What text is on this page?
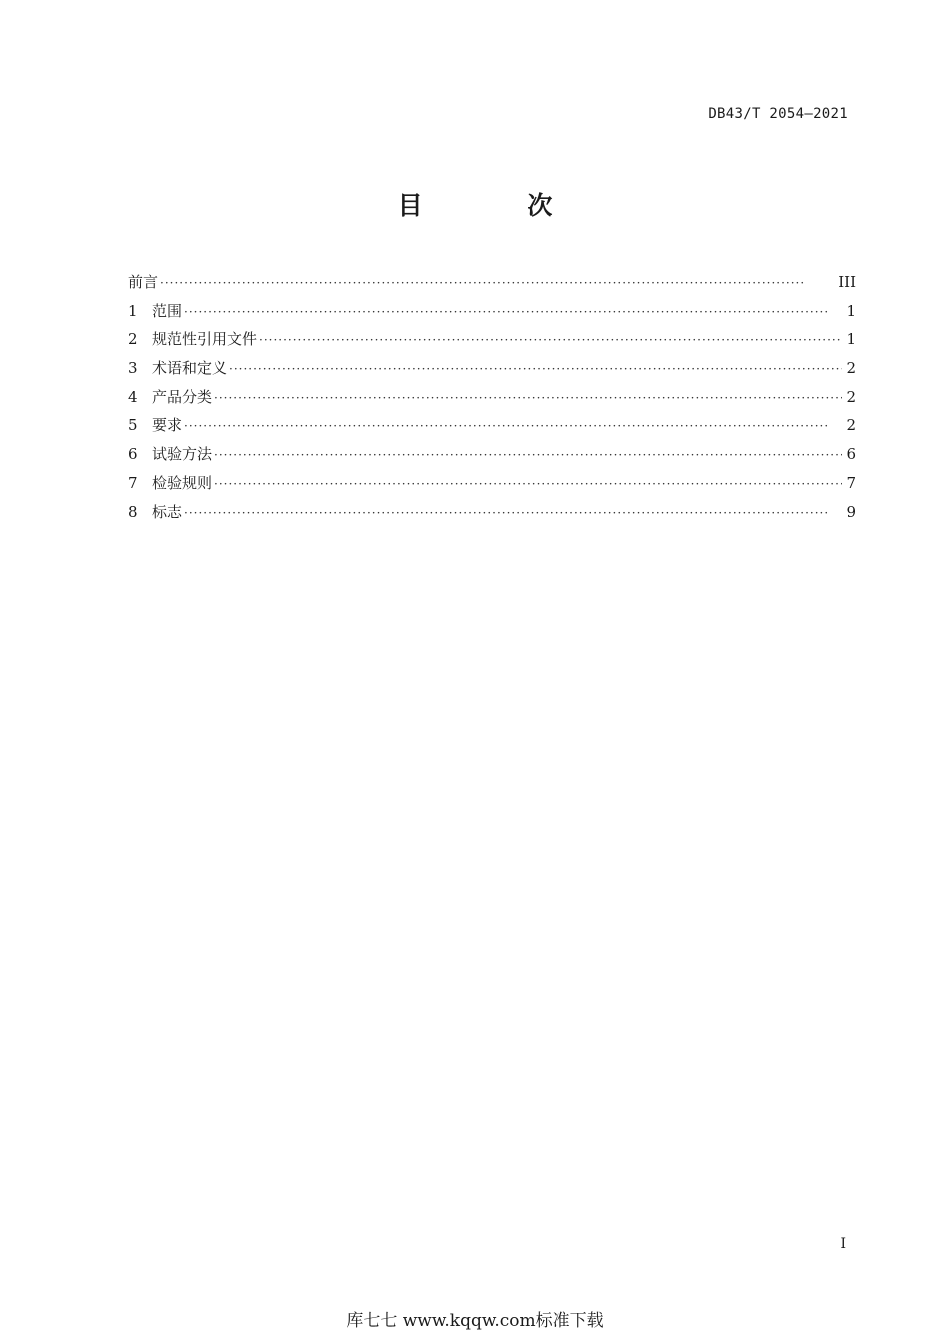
DB43/T 2054—2021
目 次
前言 ·····	III
1 范围 ·····	1
2 规范性引用文件 ·····	1
3 术语和定义 ·····	2
4 产品分类 ·····	2
5 要求 ·····	2
6 试验方法 ·····	6
7 检验规则 ·····	7
8 标志 ·····	9
I
库七七 www.kqqw.com标准下载
